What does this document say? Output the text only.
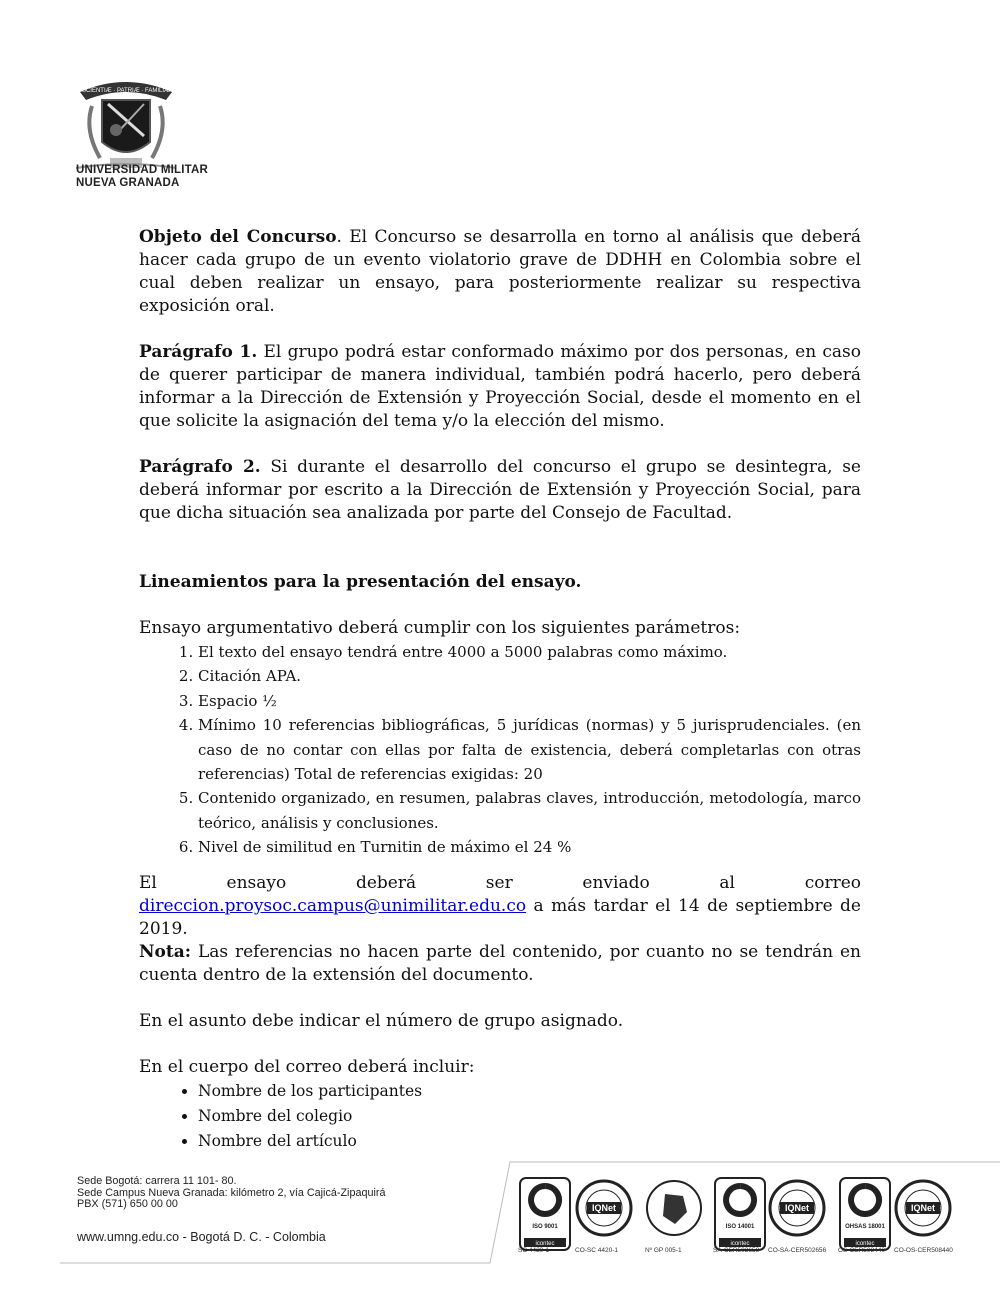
SCIENTIÆ · PATRIÆ · FAMILIÆ
UNIVERSIDAD MILITAR
NUEVA GRANADA

Objeto del Concurso. El Concurso se desarrolla en torno al análisis que deberá hacer cada grupo de un evento violatorio grave de DDHH en Colombia sobre el cual deben realizar un ensayo, para posteriormente realizar su respectiva exposición oral.

Parágrafo 1. El grupo podrá estar conformado máximo por dos personas, en caso de querer participar de manera individual, también podrá hacerlo, pero deberá informar a la Dirección de Extensión y Proyección Social, desde el momento en el que solicite la asignación del tema y/o la elección del mismo.

Parágrafo 2. Si durante el desarrollo del concurso el grupo se desintegra, se deberá informar por escrito a la Dirección de Extensión y Proyección Social, para que dicha situación sea analizada por parte del Consejo de Facultad.

Lineamientos para la presentación del ensayo.

Ensayo argumentativo deberá cumplir con los siguientes parámetros:

1. El texto del ensayo tendrá entre 4000 a 5000 palabras como máximo.
2. Citación APA.
3. Espacio ½
4. Mínimo 10 referencias bibliográficas, 5 jurídicas (normas) y 5 jurisprudenciales. (en caso de no contar con ellas por falta de existencia, deberá completarlas con otras referencias) Total de referencias exigidas: 20
5. Contenido organizado, en resumen, palabras claves, introducción, metodología, marco teórico, análisis y conclusiones.
6. Nivel de similitud en Turnitin de máximo el 24 %

El ensayo deberá ser enviado al correo direccion.proysoc.campus@unimilitar.edu.co a más tardar el 14 de septiembre de 2019.

Nota: Las referencias no hacen parte del contenido, por cuanto no se tendrán en cuenta dentro de la extensión del documento.

En el asunto debe indicar el número de grupo asignado.

En el cuerpo del correo deberá incluir:

• Nombre de los participantes
• Nombre del colegio
• Nombre del artículo
Sede Bogotá: carrera 11 101- 80.
Sede Campus Nueva Granada: kilómetro 2, vía Cajicá-Zipaquirá
PBX (571) 650 00 00
www.umng.edu.co - Bogotá D. C. - Colombia	icontec
ISO 9001
SC 4420-1
IQNet
CO-SC 4420-1	Nº GP 005-1
icontec
ISO 14001
SA-CER502658
IQNet
CO-SA-CER502656
icontec
OHSAS 18001
OS-CER508440
IQNet
CO-OS-CER508440
